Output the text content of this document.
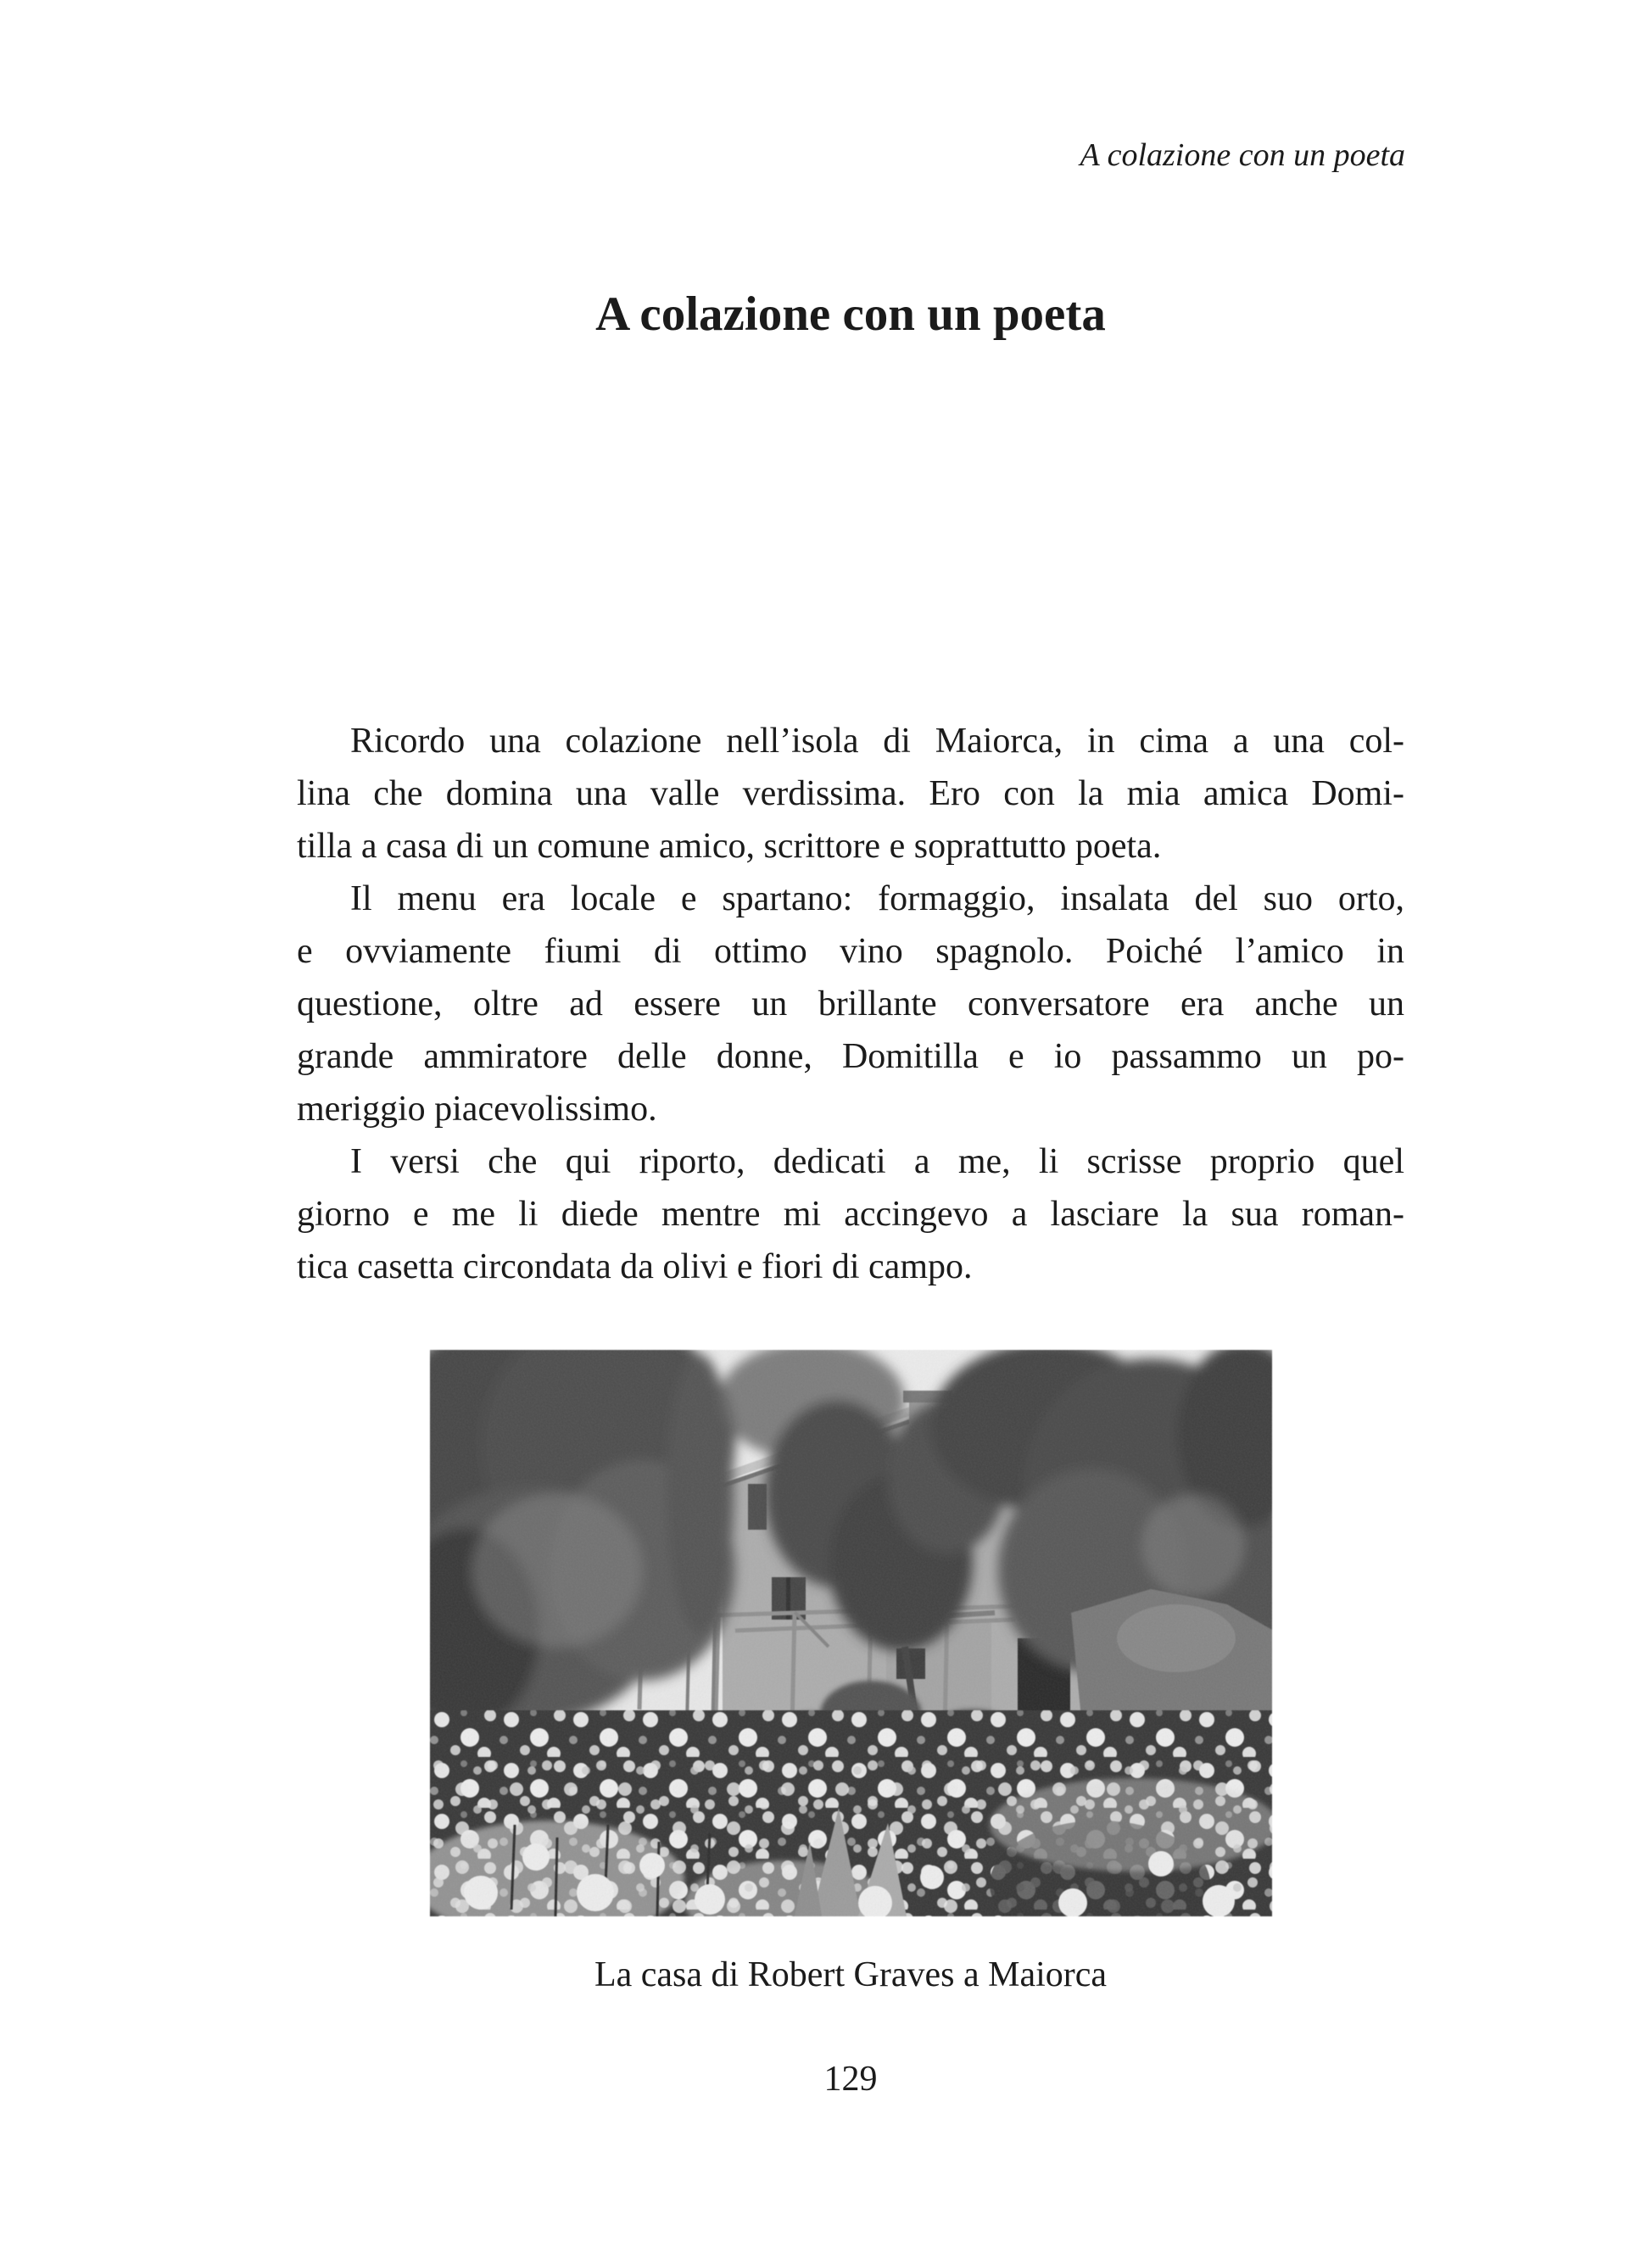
A colazione con un poeta
A colazione con un poeta
Ricordo una colazione nell’isola di Maiorca, in cima a una col-
lina che domina una valle verdissima. Ero con la mia amica Domi-
tilla a casa di un comune amico, scrittore e soprattutto poeta.
Il menu era locale e spartano: formaggio, insalata del suo orto,
e ovviamente fiumi di ottimo vino spagnolo. Poiché l’amico in
questione, oltre ad essere un brillante conversatore era anche un
grande ammiratore delle donne, Domitilla e io passammo un po-
meriggio piacevolissimo.
I versi che qui riporto, dedicati a me, li scrisse proprio quel
giorno e me li diede mentre mi accingevo a lasciare la sua roman-
tica casetta circondata da olivi e fiori di campo.
La casa di Robert Graves a Maiorca
129
